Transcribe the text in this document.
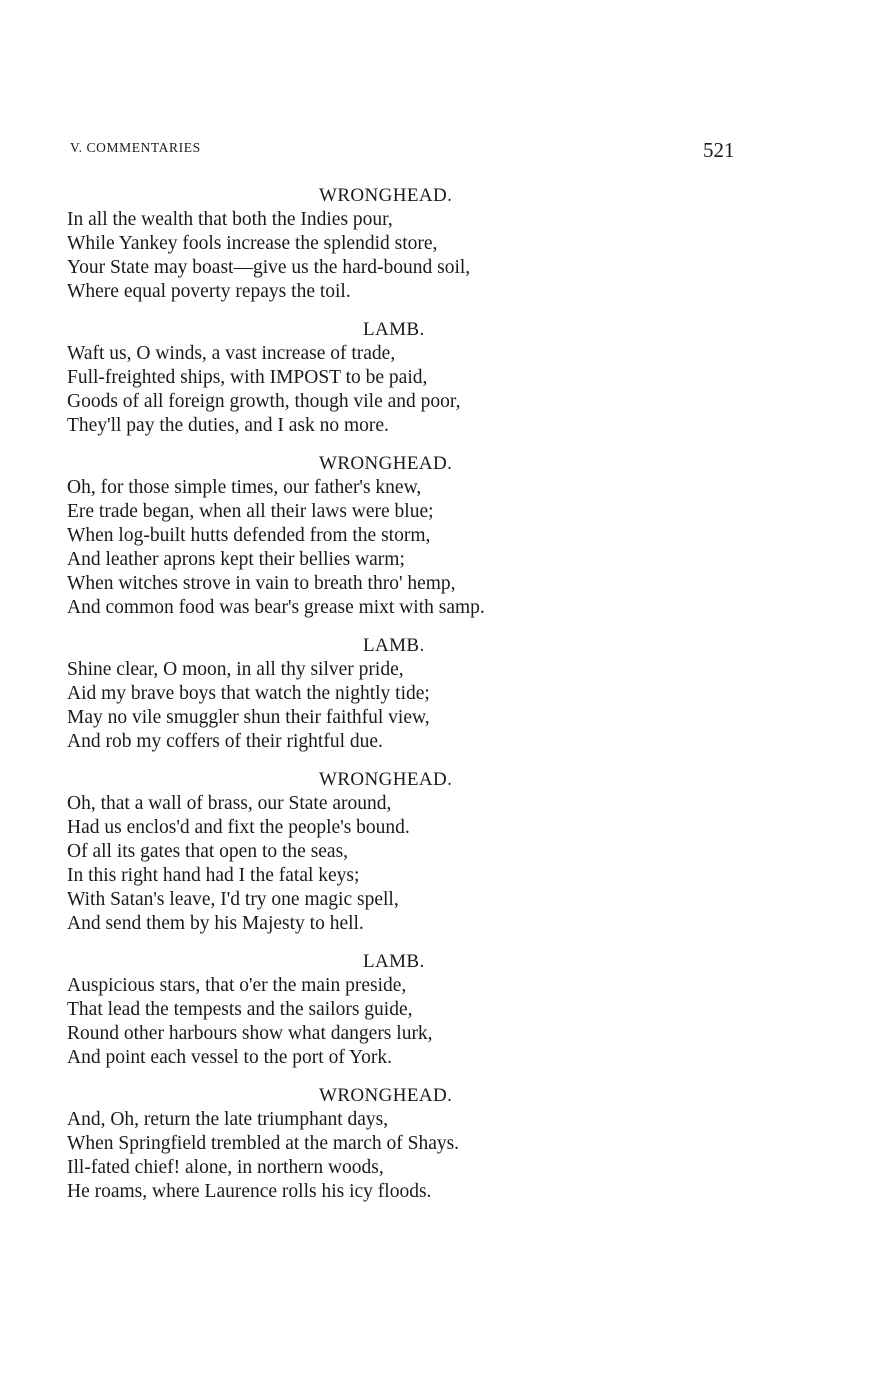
V. COMMENTARIES	521
WRONGHEAD.
In all the wealth that both the Indies pour,
While Yankey fools increase the splendid store,
Your State may boast—give us the hard-bound soil,
Where equal poverty repays the toil.
LAMB.
Waft us, O winds, a vast increase of trade,
Full-freighted ships, with IMPOST to be paid,
Goods of all foreign growth, though vile and poor,
They'll pay the duties, and I ask no more.
WRONGHEAD.
Oh, for those simple times, our father's knew,
Ere trade began, when all their laws were blue;
When log-built hutts defended from the storm,
And leather aprons kept their bellies warm;
When witches strove in vain to breath thro' hemp,
And common food was bear's grease mixt with samp.
LAMB.
Shine clear, O moon, in all thy silver pride,
Aid my brave boys that watch the nightly tide;
May no vile smuggler shun their faithful view,
And rob my coffers of their rightful due.
WRONGHEAD.
Oh, that a wall of brass, our State around,
Had us enclos'd and fixt the people's bound.
Of all its gates that open to the seas,
In this right hand had I the fatal keys;
With Satan's leave, I'd try one magic spell,
And send them by his Majesty to hell.
LAMB.
Auspicious stars, that o'er the main preside,
That lead the tempests and the sailors guide,
Round other harbours show what dangers lurk,
And point each vessel to the port of York.
WRONGHEAD.
And, Oh, return the late triumphant days,
When Springfield trembled at the march of Shays.
Ill-fated chief! alone, in northern woods,
He roams, where Laurence rolls his icy floods.
